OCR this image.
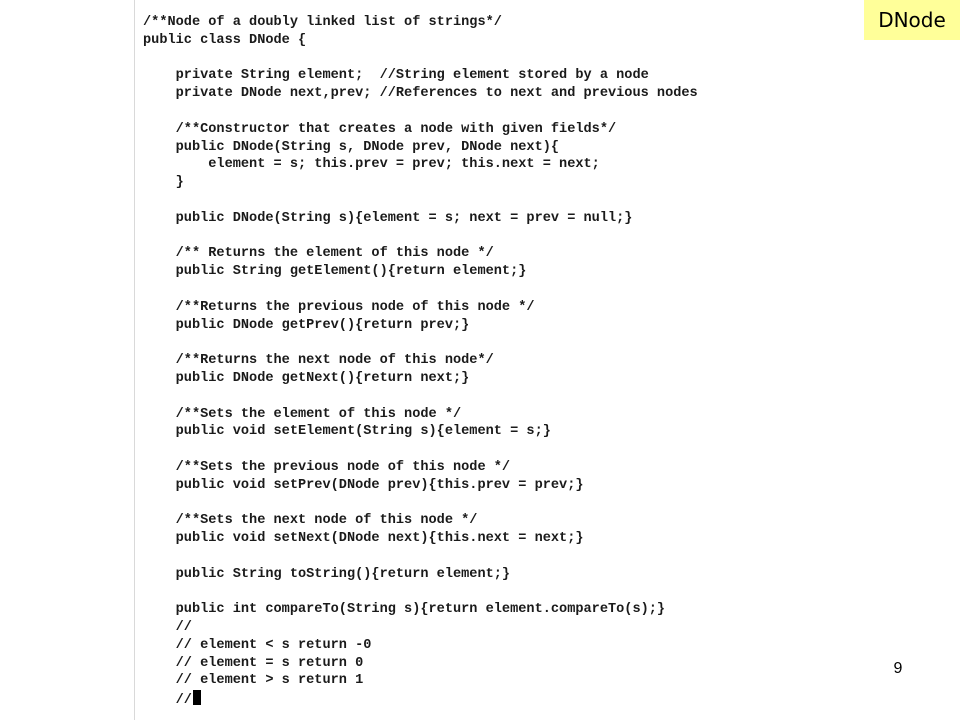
/**Node of a doubly linked list of strings*/
public class DNode {
private String element;  //String element stored by a node
private DNode next,prev; //References to next and previous nodes
/**Constructor that creates a node with given fields*/
public DNode(String s, DNode prev, DNode next){
element = s; this.prev = prev; this.next = next;
}
public DNode(String s){element = s; next = prev = null;}
/** Returns the element of this node */
public String getElement(){return element;}
/**Returns the previous node of this node */
public DNode getPrev(){return prev;}
/**Returns the next node of this node*/
public DNode getNext(){return next;}
/**Sets the element of this node */
public void setElement(String s){element = s;}
/**Sets the previous node of this node */
public void setPrev(DNode prev){this.prev = prev;}
/**Sets the next node of this node */
public void setNext(DNode next){this.next = next;}
public String toString(){return element;}
public int compareTo(String s){return element.compareTo(s);}
//
// element < s return -0
// element = s return 0
// element > s return 1
//
DNode
9
